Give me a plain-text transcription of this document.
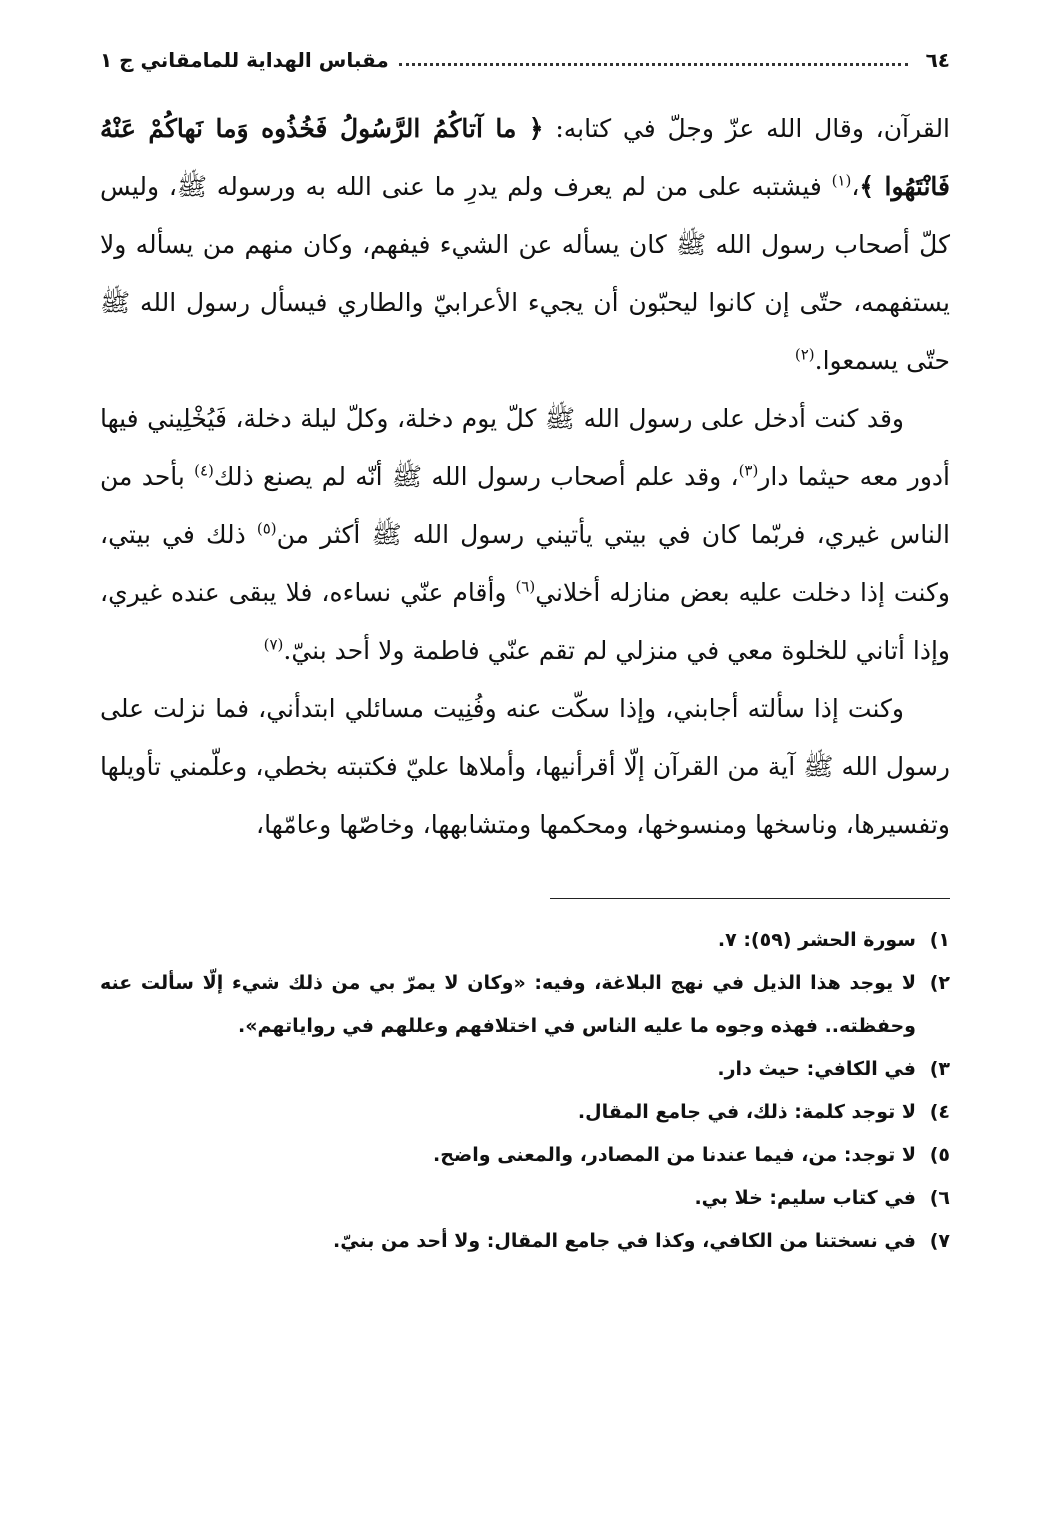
٦٤
مقباس الهداية للمامقاني ج ١

القرآن، وقال الله عزّ وجلّ في كتابه: ﴿ ما آتاكُمُ الرَّسُولُ فَخُذُوه وَما نَهاكُمْ عَنْهُ فَانْتَهُوا ﴾،$^{(١)}$ فيشتبه على من لم يعرف ولم يدرِ ما عنى الله به ورسوله ﷺ، وليس كلّ أصحاب رسول الله ﷺ كان يسأله عن الشيء فيفهم، وكان منهم من يسأله ولا يستفهمه، حتّى إن كانوا ليحبّون أن يجيء الأعرابيّ والطاري فيسأل رسول الله ﷺ حتّى يسمعوا.$^{(٢)}$

وقد كنت أدخل على رسول الله ﷺ كلّ يوم دخلة، وكلّ ليلة دخلة، فَيُخْلِيني فيها أدور معه حيثما دار$^{(٣)}$، وقد علم أصحاب رسول الله ﷺ أنّه لم يصنع ذلك$^{(٤)}$ بأحد من الناس غيري، فربّما كان في بيتي يأتيني رسول الله ﷺ أكثر من$^{(٥)}$ ذلك في بيتي، وكنت إذا دخلت عليه بعض منازله أخلاني$^{(٦)}$ وأقام عنّي نساءه، فلا يبقى عنده غيري، وإذا أتاني للخلوة معي في منزلي لم تقم عنّي فاطمة ولا أحد بنيّ.$^{(٧)}$

وكنت إذا سألته أجابني، وإذا سكّت عنه وفُنِيت مسائلي ابتدأني، فما نزلت على رسول الله ﷺ آية من القرآن إلّا أقرأنيها، وأملاها عليّ فكتبته بخطي، وعلّمني تأويلها وتفسيرها، وناسخها ومنسوخها، ومحكمها ومتشابهها، وخاصّها وعامّها،

١)
سورة الحشر (٥٩): ٧.
٢)
لا يوجد هذا الذيل في نهج البلاغة، وفيه: «وكان لا يمرّ بي من ذلك شيء إلّا سألت عنه وحفظته.. فهذه وجوه ما عليه الناس في اختلافهم وعللهم في رواياتهم».
٣)
في الكافي: حيث دار.
٤)
لا توجد كلمة: ذلك، في جامع المقال.
٥)
لا توجد: من، فيما عندنا من المصادر، والمعنى واضح.
٦)
في كتاب سليم: خلا بي.
٧)
في نسختنا من الكافي، وكذا في جامع المقال: ولا أحد من بنيّ.
